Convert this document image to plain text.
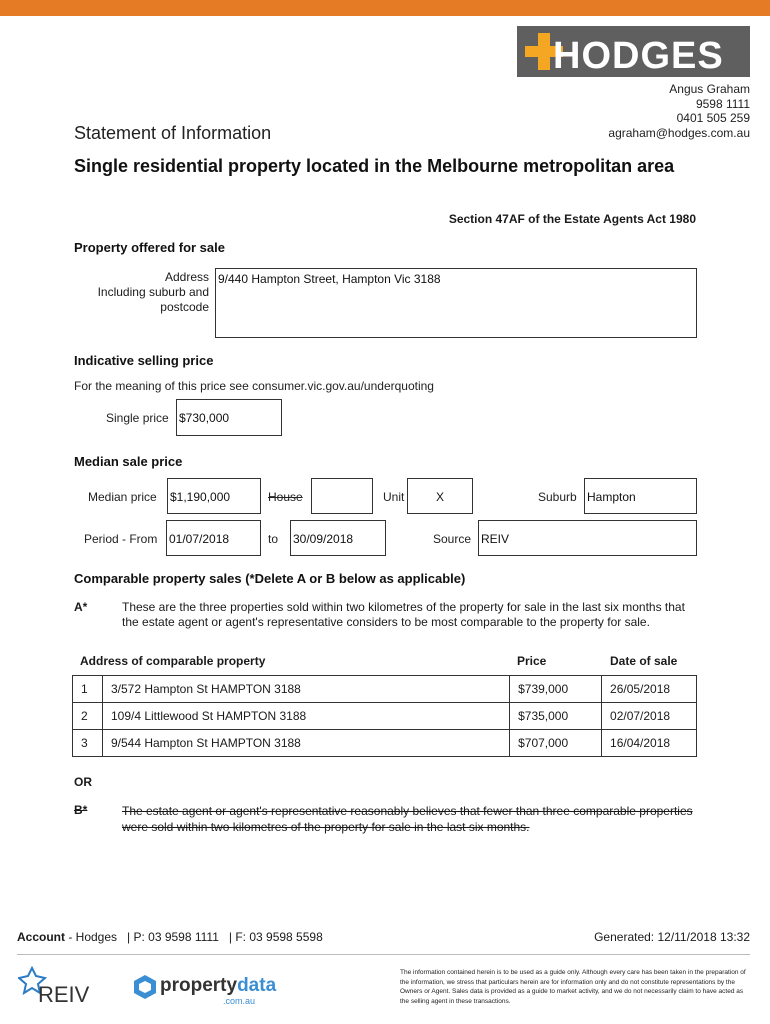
HODGES
Angus Graham
9598 1111
0401 505 259
agraham@hodges.com.au
Statement of Information
Single residential property located in the Melbourne metropolitan area
Section 47AF of the Estate Agents Act 1980
Property offered for sale
Address
Including suburb and
postcode
9/440 Hampton Street, Hampton Vic 3188
Indicative selling price
For the meaning of this price see consumer.vic.gov.au/underquoting
Single price $730,000
Median sale price
Median price $1,190,000	House	Unit	X	Suburb Hampton
Period - From 01/07/2018	to 30/09/2018	Source REIV
Comparable property sales (*Delete A or B below as applicable)
A*	These are the three properties sold within two kilometres of the property for sale in the last six months that the estate agent or agent's representative considers to be most comparable to the property for sale.
Address of comparable property	Price	Date of sale
1	3/572 Hampton St HAMPTON 3188	$739,000	26/05/2018
2	109/4 Littlewood St HAMPTON 3188	$735,000	02/07/2018
3	9/544 Hampton St HAMPTON 3188	$707,000	16/04/2018
OR
B*	The estate agent or agent's representative reasonably believes that fewer than three comparable properties were sold within two kilometres of the property for sale in the last six months.
Account - Hodges   | P: 03 9598 1111   | F: 03 9598 5598	Generated: 12/11/2018 13:32
REIV	propertydata
.com.au
The information contained herein is to be used as a guide only. Although every care has been taken in the preparation of the information, we stress that particulars herein are for information only and do not constitute representations by the Owners or Agent. Sales data is provided as a guide to market activity, and we do not necessarily claim to have acted as the selling agent in these transactions.
